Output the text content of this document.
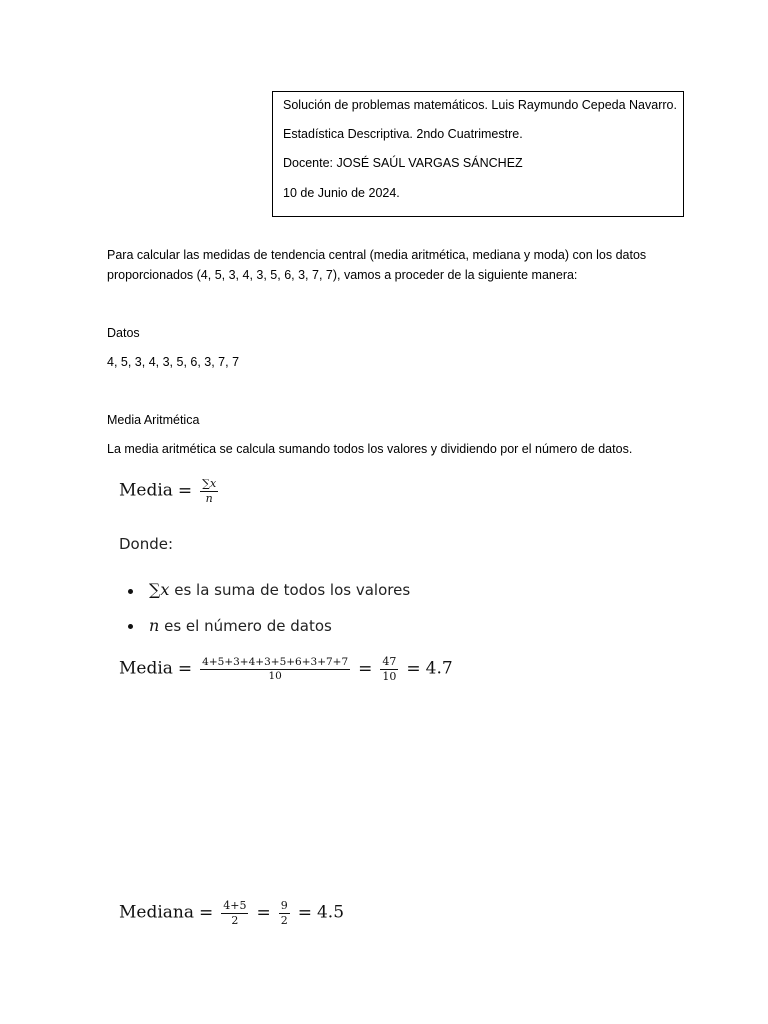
Solución de problemas matemáticos. Luis Raymundo Cepeda Navarro.
Estadística Descriptiva. 2ndo Cuatrimestre.
Docente: JOSÉ SAÚL VARGAS SÁNCHEZ
10 de Junio de 2024.
Para calcular las medidas de tendencia central (media aritmética, mediana y moda) con los datos
proporcionados (4, 5, 3, 4, 3, 5, 6, 3, 7, 7), vamos a proceder de la siguiente manera:
Datos
4, 5, 3, 4, 3, 5, 6, 3, 7, 7
Media Aritmética
La media aritmética se calcula sumando todos los valores y dividiendo por el número de datos.
Media = $\frac{\sum x}{n}$
Donde:
∑x es la suma de todos los valores
n es el número de datos
Media = $\frac{4+5+3+4+3+5+6+3+7+7}{10} = \frac{47}{10} = 4.7$
Mediana = $\frac{4+5}{2} = \frac{9}{2} = 4.5$
